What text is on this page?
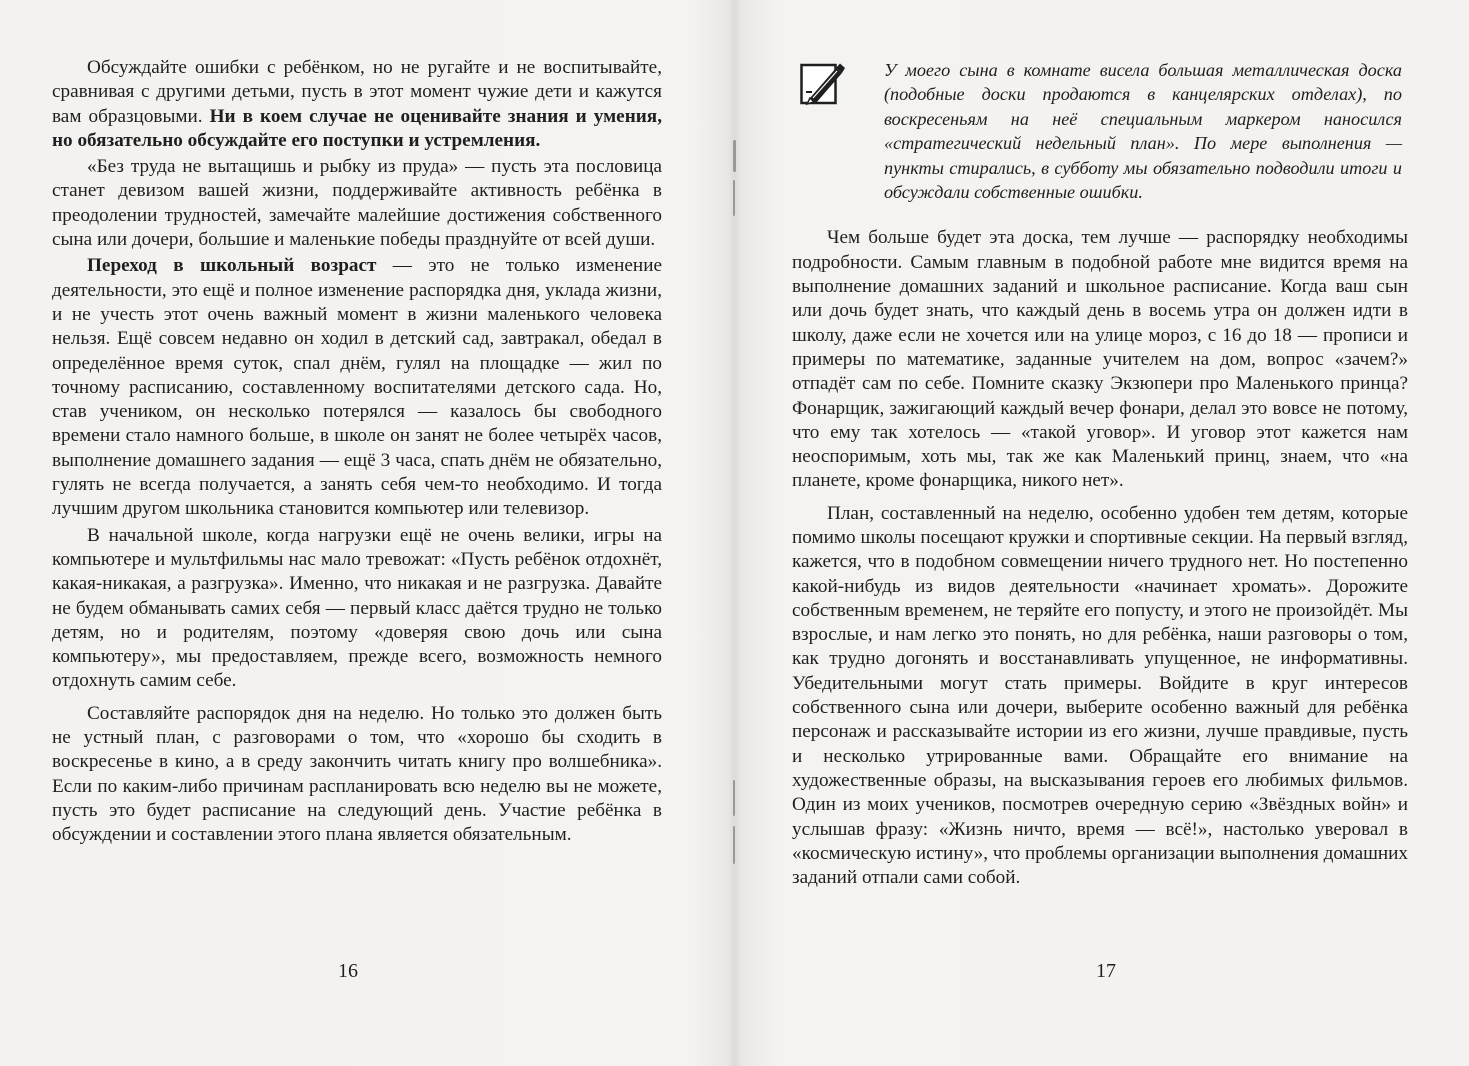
Обсуждайте ошибки с ребёнком, но не ругайте и не воспитывайте, сравнивая с другими детьми, пусть в этот момент чужие дети и кажутся вам образцовыми. Ни в коем случае не оценивайте знания и умения, но обязательно обсуждайте его поступки и устремления.

«Без труда не вытащишь и рыбку из пруда» — пусть эта пословица станет девизом вашей жизни, поддерживайте активность ребёнка в преодолении трудностей, замечайте малейшие достижения собственного сына или дочери, большие и маленькие победы празднуйте от всей души.

Переход в школьный возраст — это не только изменение деятельности, это ещё и полное изменение распорядка дня, уклада жизни, и не учесть этот очень важный момент в жизни маленького человека нельзя. Ещё совсем недавно он ходил в детский сад, завтракал, обедал в определённое время суток, спал днём, гулял на площадке — жил по точному расписанию, составленному воспитателями детского сада. Но, став учеником, он несколько потерялся — казалось бы свободного времени стало намного больше, в школе он занят не более четырёх часов, выполнение домашнего задания — ещё 3 часа, спать днём не обязательно, гулять не всегда получается, а занять себя чем-то необходимо. И тогда лучшим другом школьника становится компьютер или телевизор.

В начальной школе, когда нагрузки ещё не очень велики, игры на компьютере и мультфильмы нас мало тревожат: «Пусть ребёнок отдохнёт, какая-никакая, а разгрузка». Именно, что никакая и не разгрузка. Давайте не будем обманывать самих себя — первый класс даётся трудно не только детям, но и родителям, поэтому «доверяя свою дочь или сына компьютеру», мы предоставляем, прежде всего, возможность немного отдохнуть самим себе.

Составляйте распорядок дня на неделю. Но только это должен быть не устный план, с разговорами о том, что «хорошо бы сходить в воскресенье в кино, а в среду закончить читать книгу про волшебника». Если по каким-либо причинам распланировать всю неделю вы не можете, пусть это будет расписание на следующий день. Участие ребёнка в обсуждении и составлении этого плана является обязательным.

16

У моего сына в комнате висела большая металлическая доска (подобные доски продаются в канцелярских отделах), по воскресеньям на неё специальным маркером наносился «стратегический недельный план». По мере выполнения — пункты стирались, в субботу мы обязательно подводили итоги и обсуждали собственные ошибки.

Чем больше будет эта доска, тем лучше — распорядку необходимы подробности. Самым главным в подобной работе мне видится время на выполнение домашних заданий и школьное расписание. Когда ваш сын или дочь будет знать, что каждый день в восемь утра он должен идти в школу, даже если не хочется или на улице мороз, с 16 до 18 — прописи и примеры по математике, заданные учителем на дом, вопрос «зачем?» отпадёт сам по себе. Помните сказку Экзюпери про Маленького принца? Фонарщик, зажигающий каждый вечер фонари, делал это вовсе не потому, что ему так хотелось — «такой уговор». И уговор этот кажется нам неоспоримым, хоть мы, так же как Маленький принц, знаем, что «на планете, кроме фонарщика, никого нет».

План, составленный на неделю, особенно удобен тем детям, которые помимо школы посещают кружки и спортивные секции. На первый взгляд, кажется, что в подобном совмещении ничего трудного нет. Но постепенно какой-нибудь из видов деятельности «начинает хромать». Дорожите собственным временем, не теряйте его попусту, и этого не произойдёт. Мы взрослые, и нам легко это понять, но для ребёнка, наши разговоры о том, как трудно догонять и восстанавливать упущенное, не информативны. Убедительными могут стать примеры. Войдите в круг интересов собственного сына или дочери, выберите особенно важный для ребёнка персонаж и рассказывайте истории из его жизни, лучше правдивые, пусть и несколько утрированные вами. Обращайте его внимание на художественные образы, на высказывания героев его любимых фильмов. Один из моих учеников, посмотрев очередную серию «Звёздных войн» и услышав фразу: «Жизнь ничто, время — всё!», настолько уверовал в «космическую истину», что проблемы организации выполнения домашних заданий отпали сами собой.

17
